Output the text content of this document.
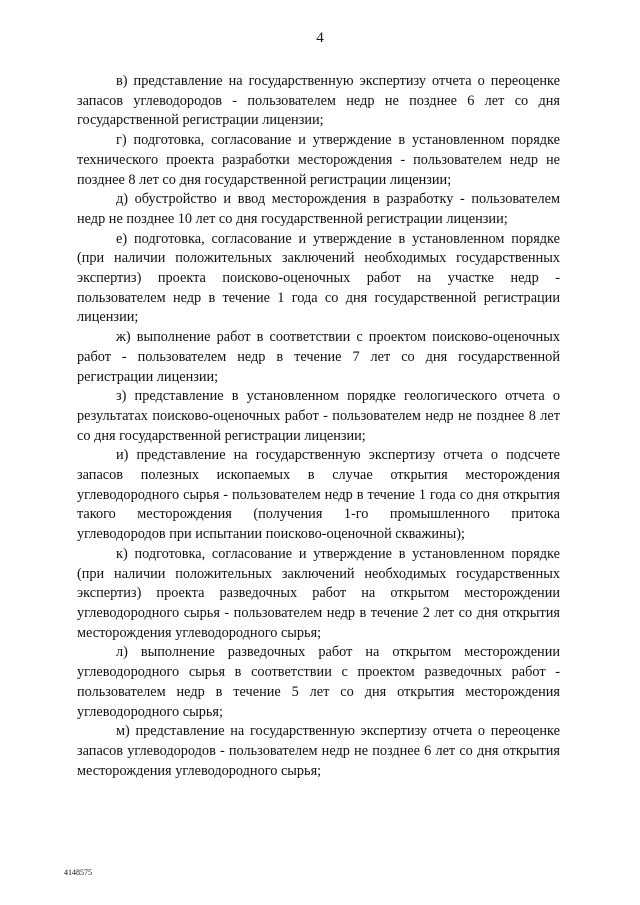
4

в) представление на государственную экспертизу отчета о переоценке запасов углеводородов - пользователем недр не позднее 6 лет со дня государственной регистрации лицензии;

г) подготовка, согласование и утверждение в установленном порядке технического проекта разработки месторождения - пользователем недр не позднее 8 лет со дня государственной регистрации лицензии;

д) обустройство и ввод месторождения в разработку - пользователем недр не позднее 10 лет со дня государственной регистрации лицензии;

е) подготовка, согласование и утверждение в установленном порядке (при наличии положительных заключений необходимых государственных экспертиз) проекта поисково-оценочных работ на участке недр - пользователем недр в течение 1 года со дня государственной регистрации лицензии;

ж) выполнение работ в соответствии с проектом поисково-оценочных работ - пользователем недр в течение 7 лет со дня государственной регистрации лицензии;

з) представление в установленном порядке геологического отчета о результатах поисково-оценочных работ - пользователем недр не позднее 8 лет со дня государственной регистрации лицензии;

и) представление на государственную экспертизу отчета о подсчете запасов полезных ископаемых в случае открытия месторождения углеводородного сырья - пользователем недр в течение 1 года со дня открытия такого месторождения (получения 1-го промышленного притока углеводородов при испытании поисково-оценочной скважины);

к) подготовка, согласование и утверждение в установленном порядке (при наличии положительных заключений необходимых государственных экспертиз) проекта разведочных работ на открытом месторождении углеводородного сырья - пользователем недр в течение 2 лет со дня открытия месторождения углеводородного сырья;

л) выполнение разведочных работ на открытом месторождении углеводородного сырья в соответствии с проектом разведочных работ - пользователем недр в течение 5 лет со дня открытия месторождения углеводородного сырья;

м) представление на государственную экспертизу отчета о переоценке запасов углеводородов - пользователем недр не позднее 6 лет со дня открытия месторождения углеводородного сырья;

4148575
